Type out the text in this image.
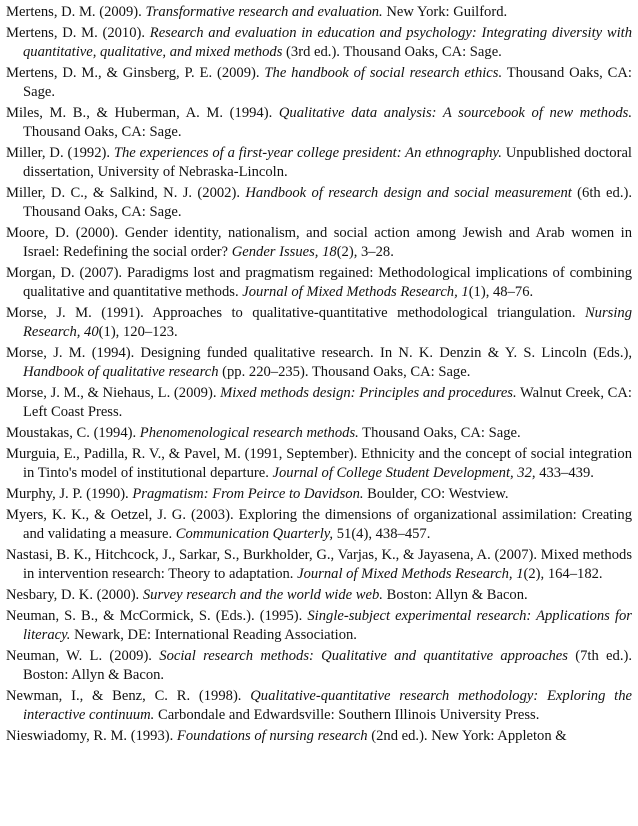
Mertens, D. M. (2009). Transformative research and evaluation. New York: Guilford.

Mertens, D. M. (2010). Research and evaluation in education and psychology: Integrating diversity with quantitative, qualitative, and mixed methods (3rd ed.). Thousand Oaks, CA: Sage.

Mertens, D. M., & Ginsberg, P. E. (2009). The handbook of social research ethics. Thousand Oaks, CA: Sage.

Miles, M. B., & Huberman, A. M. (1994). Qualitative data analysis: A sourcebook of new methods. Thousand Oaks, CA: Sage.

Miller, D. (1992). The experiences of a first-year college president: An ethnography. Unpublished doctoral dissertation, University of Nebraska-Lincoln.

Miller, D. C., & Salkind, N. J. (2002). Handbook of research design and social measurement (6th ed.). Thousand Oaks, CA: Sage.

Moore, D. (2000). Gender identity, nationalism, and social action among Jewish and Arab women in Israel: Redefining the social order? Gender Issues, 18(2), 3–28.

Morgan, D. (2007). Paradigms lost and pragmatism regained: Methodological implications of combining qualitative and quantitative methods. Journal of Mixed Methods Research, 1(1), 48–76.

Morse, J. M. (1991). Approaches to qualitative-quantitative methodological triangulation. Nursing Research, 40(1), 120–123.

Morse, J. M. (1994). Designing funded qualitative research. In N. K. Denzin & Y. S. Lincoln (Eds.), Handbook of qualitative research (pp. 220–235). Thousand Oaks, CA: Sage.

Morse, J. M., & Niehaus, L. (2009). Mixed methods design: Principles and procedures. Walnut Creek, CA: Left Coast Press.

Moustakas, C. (1994). Phenomenological research methods. Thousand Oaks, CA: Sage.

Murguia, E., Padilla, R. V., & Pavel, M. (1991, September). Ethnicity and the concept of social integration in Tinto's model of institutional departure. Journal of College Student Development, 32, 433–439.

Murphy, J. P. (1990). Pragmatism: From Peirce to Davidson. Boulder, CO: Westview.

Myers, K. K., & Oetzel, J. G. (2003). Exploring the dimensions of organizational assimilation: Creating and validating a measure. Communication Quarterly, 51(4), 438–457.

Nastasi, B. K., Hitchcock, J., Sarkar, S., Burkholder, G., Varjas, K., & Jayasena, A. (2007). Mixed methods in intervention research: Theory to adaptation. Journal of Mixed Methods Research, 1(2), 164–182.

Nesbary, D. K. (2000). Survey research and the world wide web. Boston: Allyn & Bacon.

Neuman, S. B., & McCormick, S. (Eds.). (1995). Single-subject experimental research: Applications for literacy. Newark, DE: International Reading Association.

Neuman, W. L. (2009). Social research methods: Qualitative and quantitative approaches (7th ed.). Boston: Allyn & Bacon.

Newman, I., & Benz, C. R. (1998). Qualitative-quantitative research methodology: Exploring the interactive continuum. Carbondale and Edwardsville: Southern Illinois University Press.

Nieswiadomy, R. M. (1993). Foundations of nursing research (2nd ed.). New York: Appleton &
